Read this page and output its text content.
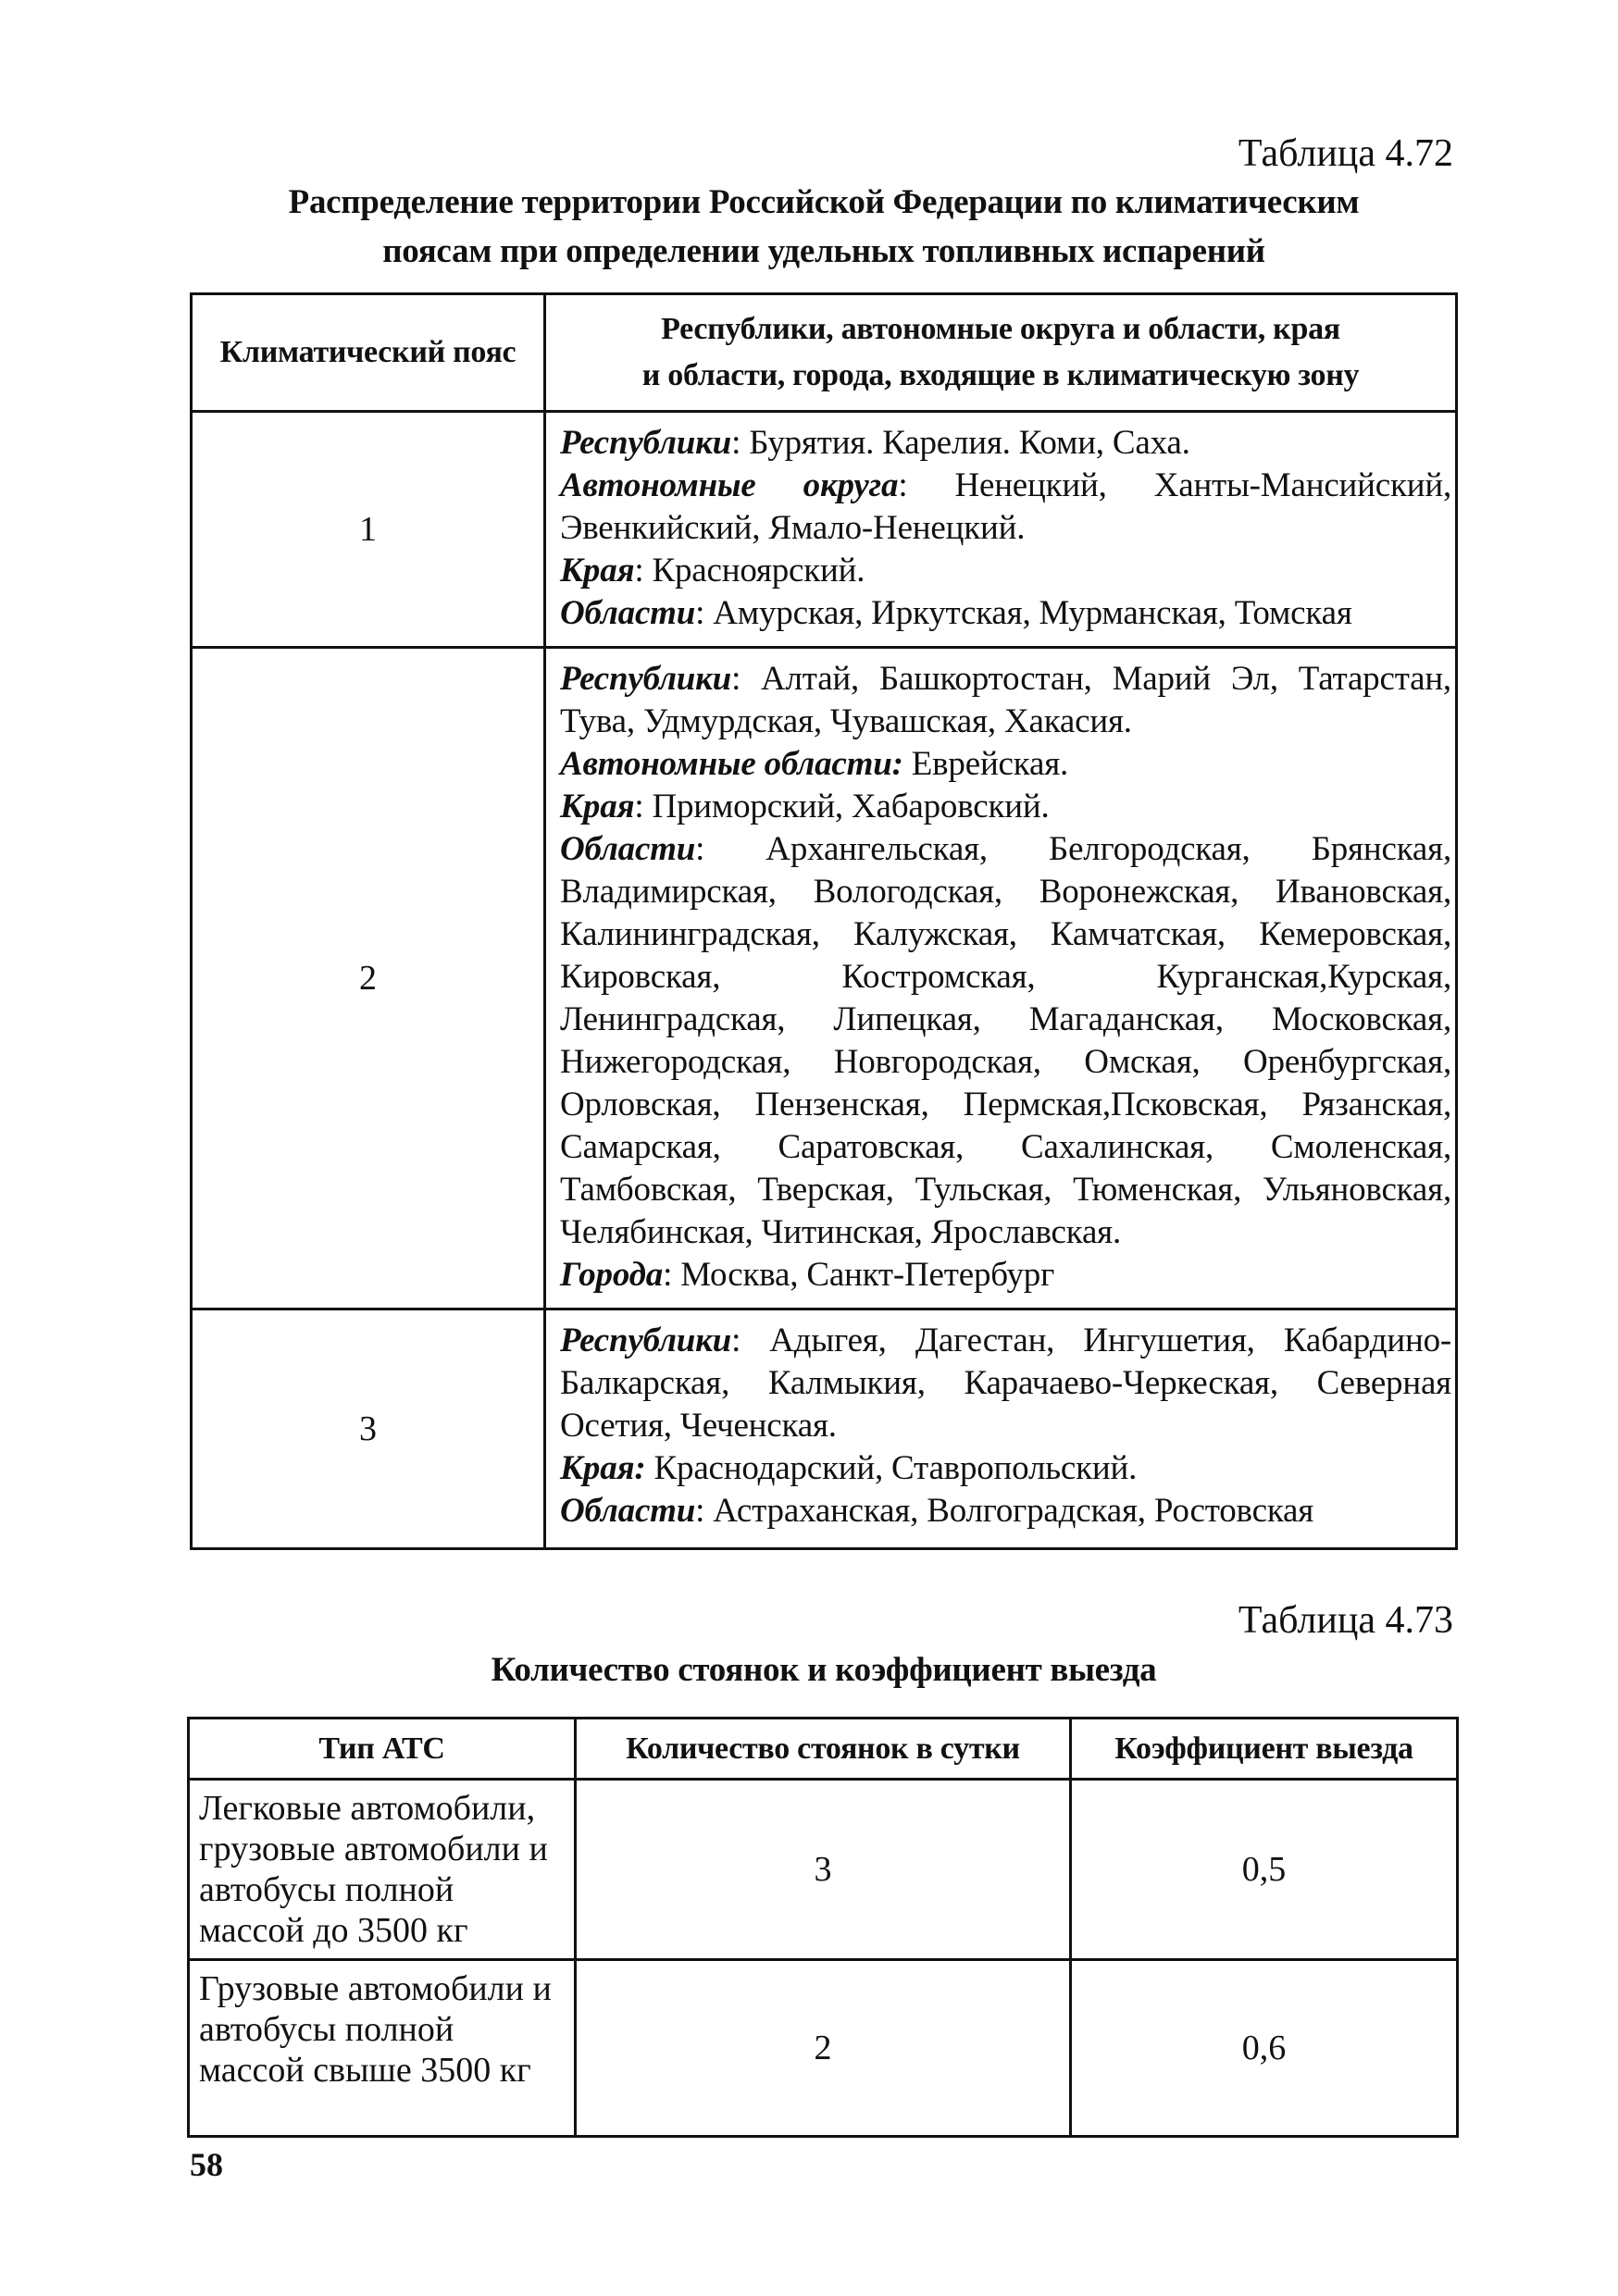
Таблица 4.72
Распределение территории Российской Федерации по климатическим
поясам при определении удельных топливных испарений
Климатический пояс	Республики, автономные округа и области, края
и области, города, входящие в климатическую зону

1	Республики: Бурятия. Карелия. Коми, Саха.

Автономные округа: Ненецкий, Ханты-Мансийский, Эвенкийский, Ямало-Ненецкий.

Края: Красноярский.

Области: Амурская, Иркутская, Мурманская, Томская

2	Республики: Алтай, Башкортостан, Марий Эл, Татарстан, Тува, Удмурдская, Чувашская, Хакасия.

Автономные области: Еврейская.

Края: Приморский, Хабаровский.

Области: Архангельская, Белгородская, Брянская, Владимирская, Вологодская, Воронежская, Ивановская, Калининградская, Калужская, Камчатская, Кемеровская, Кировская, Костромская, Курганская,Курская, Ленинградская, Липецкая, Магаданская, Московская, Нижегородская, Новгородская, Омская, Оренбургская, Орловская, Пензенская, Пермская,Псковская, Рязанская, Самарская, Саратовская, Сахалинская, Смоленская, Тамбовская, Тверская, Тульская, Тюменская, Ульяновская, Челябинская, Читинская, Ярославская.

Города: Москва, Санкт-Петербург

3	Республики: Адыгея, Дагестан, Ингушетия, Кабардино-Балкарская, Калмыкия, Карачаево-Черкеская, Северная Осетия, Чеченская.

Края: Краснодарский, Ставропольский.

Области: Астраханская, Волгоградская, Ростовская

Таблица 4.73
Количество стоянок и коэффициент выезда
Тип АТС	Количество стоянок в сутки	Коэффициент выезда
Легковые автомобили, грузовые автомобили и автобусы полной массой до 3500 кг	3	0,5
Грузовые автомобили и автобусы полной массой свыше 3500 кг	2	0,6
58
